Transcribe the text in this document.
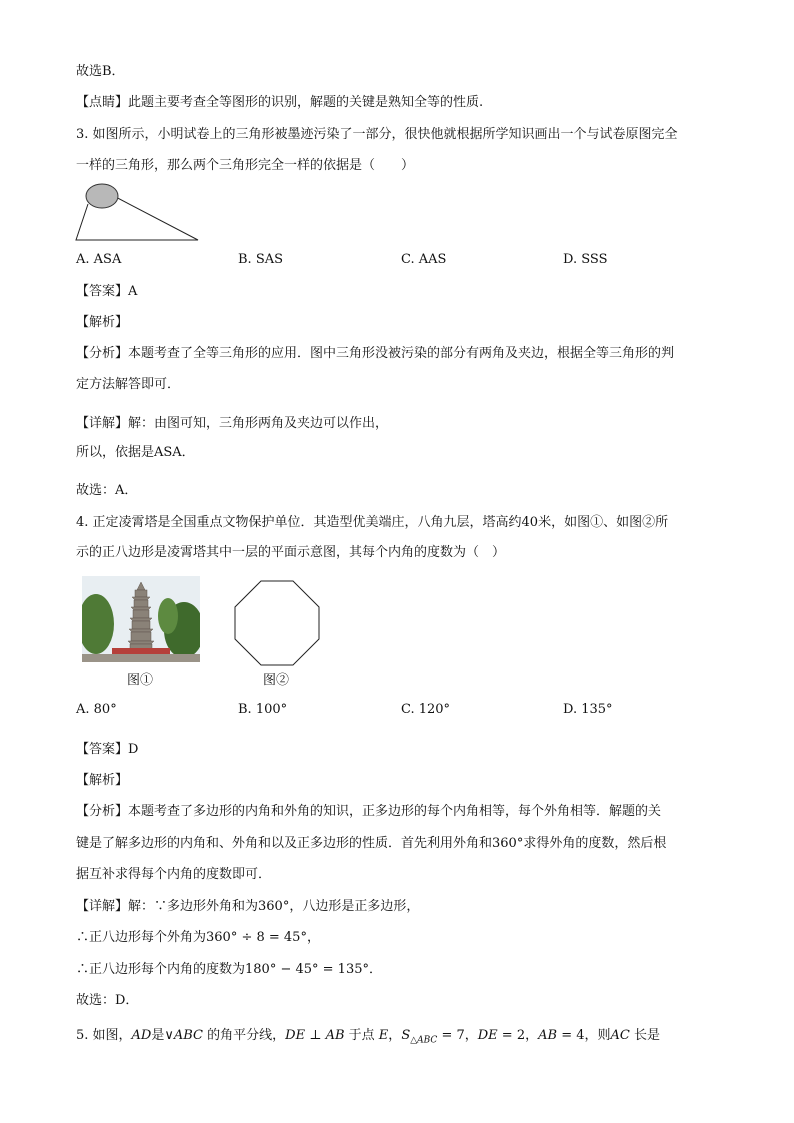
故选B．
【点睛】此题主要考查全等图形的识别，解题的关键是熟知全等的性质.
3. 如图所示，小明试卷上的三角形被墨迹污染了一部分，很快他就根据所学知识画出一个与试卷原图完全
一样的三角形，那么两个三角形完全一样的依据是（　　）
A. ASA	B. SAS	C. AAS	D. SSS
【答案】A
【解析】
【分析】本题考查了全等三角形的应用．图中三角形没被污染的部分有两角及夹边，根据全等三角形的判
定方法解答即可．
【详解】解：由图可知，三角形两角及夹边可以作出，
所以，依据是ASA．
故选：A．
4. 正定凌霄塔是全国重点文物保护单位．其造型优美端庄，八角九层，塔高约40米，如图①、如图②所
示的正八边形是凌霄塔其中一层的平面示意图，其每个内角的度数为（　）
图①	图②
A. 80°	B. 100°	C. 120°	D. 135°
【答案】D
【解析】
【分析】本题考查了多边形的内角和外角的知识，正多边形的每个内角相等，每个外角相等．解题的关
键是了解多边形的内角和、外角和以及正多边形的性质．首先利用外角和360°求得外角的度数，然后根
据互补求得每个内角的度数即可．
【详解】解：∵多边形外角和为360°，八边形是正多边形，
∴正八边形每个外角为360° ÷ 8 = 45°，
∴正八边形每个内角的度数为180° − 45° = 135°．
故选：D．
5. 如图，AD是∨ABC 的角平分线，DE ⊥ AB 于点 E，$S_{\triangle ABC} = 7$，DE = 2，AB = 4，则AC 长是
